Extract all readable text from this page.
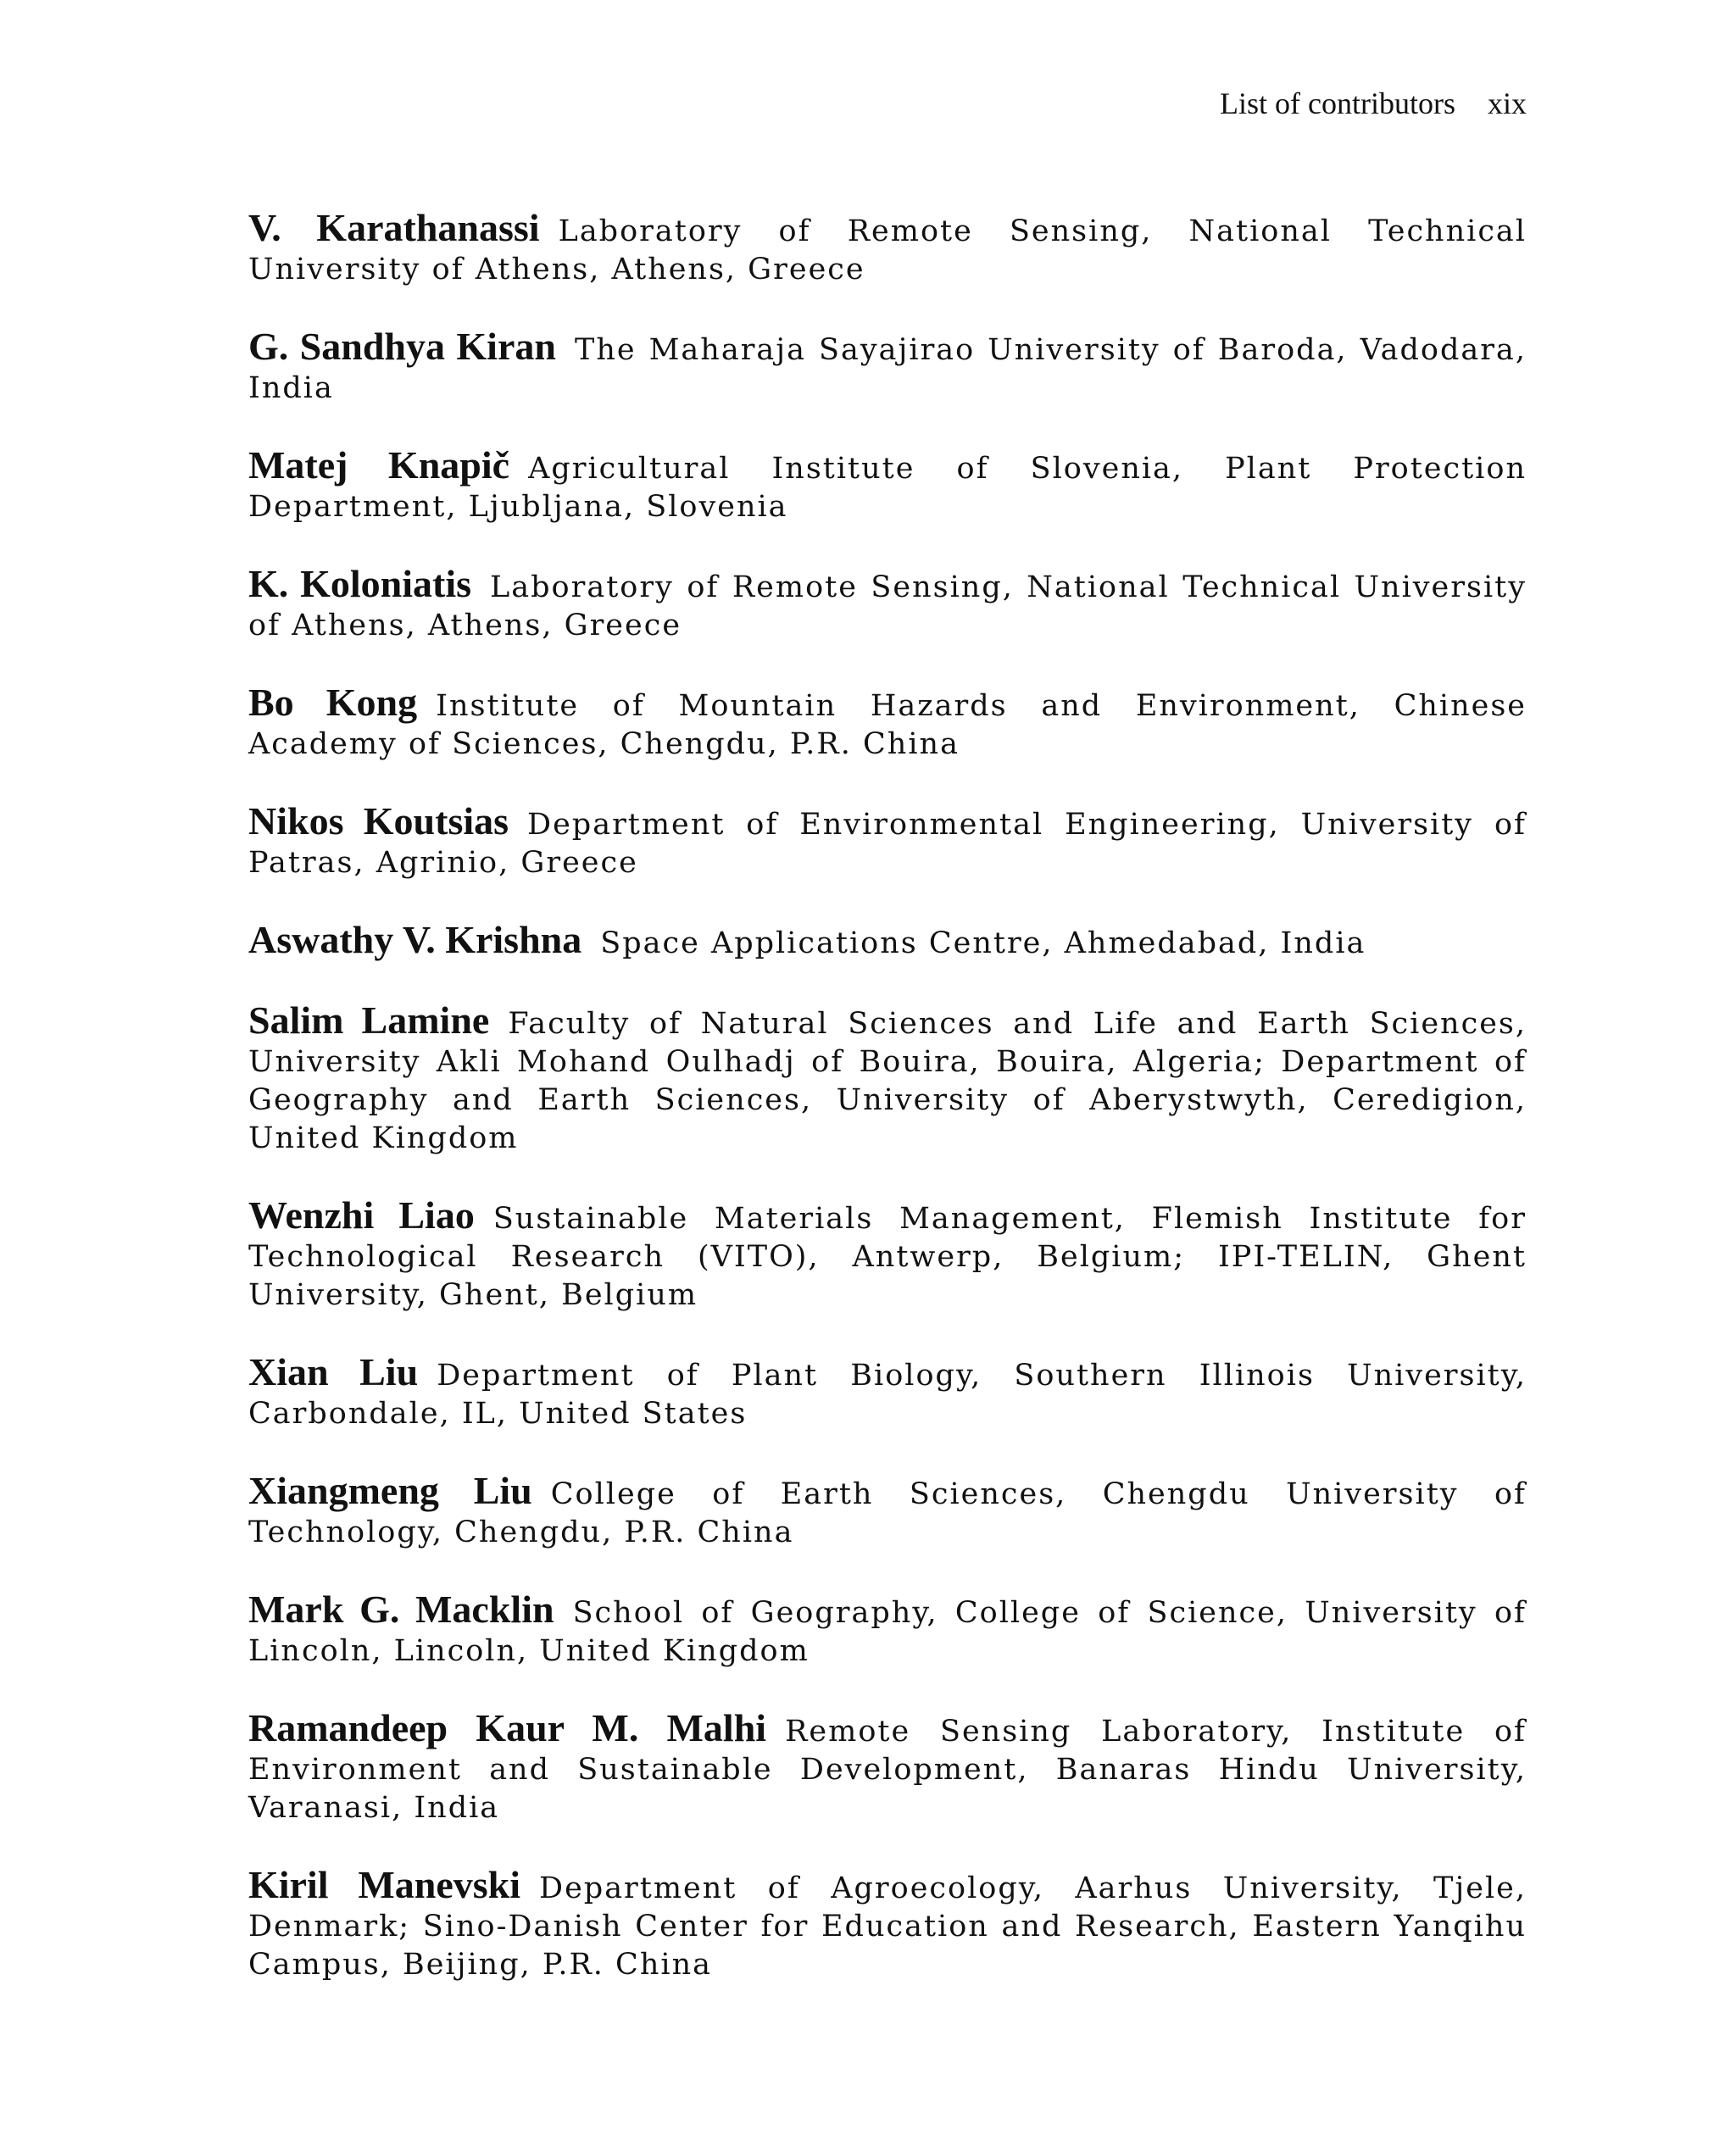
List of contributors xix

V. Karathanassi Laboratory of Remote Sensing, National Technical University of Athens, Athens, Greece

G. Sandhya Kiran The Maharaja Sayajirao University of Baroda, Vadodara, India

Matej Knapič Agricultural Institute of Slovenia, Plant Protection Department, Ljubljana, Slovenia

K. Koloniatis Laboratory of Remote Sensing, National Technical University of Athens, Athens, Greece

Bo Kong Institute of Mountain Hazards and Environment, Chinese Academy of Sciences, Chengdu, P.R. China

Nikos Koutsias Department of Environmental Engineering, University of Patras, Agrinio, Greece

Aswathy V. Krishna Space Applications Centre, Ahmedabad, India

Salim Lamine Faculty of Natural Sciences and Life and Earth Sciences, University Akli Mohand Oulhadj of Bouira, Bouira, Algeria; Department of Geography and Earth Sciences, University of Aberystwyth, Ceredigion, United Kingdom

Wenzhi Liao Sustainable Materials Management, Flemish Institute for Technological Research (VITO), Antwerp, Belgium; IPI-TELIN, Ghent University, Ghent, Belgium

Xian Liu Department of Plant Biology, Southern Illinois University, Carbondale, IL, United States

Xiangmeng Liu College of Earth Sciences, Chengdu University of Technology, Chengdu, P.R. China

Mark G. Macklin School of Geography, College of Science, University of Lincoln, Lincoln, United Kingdom

Ramandeep Kaur M. Malhi Remote Sensing Laboratory, Institute of Environment and Sustainable Development, Banaras Hindu University, Varanasi, India

Kiril Manevski Department of Agroecology, Aarhus University, Tjele, Denmark; Sino-Danish Center for Education and Research, Eastern Yanqihu Campus, Beijing, P.R. China
